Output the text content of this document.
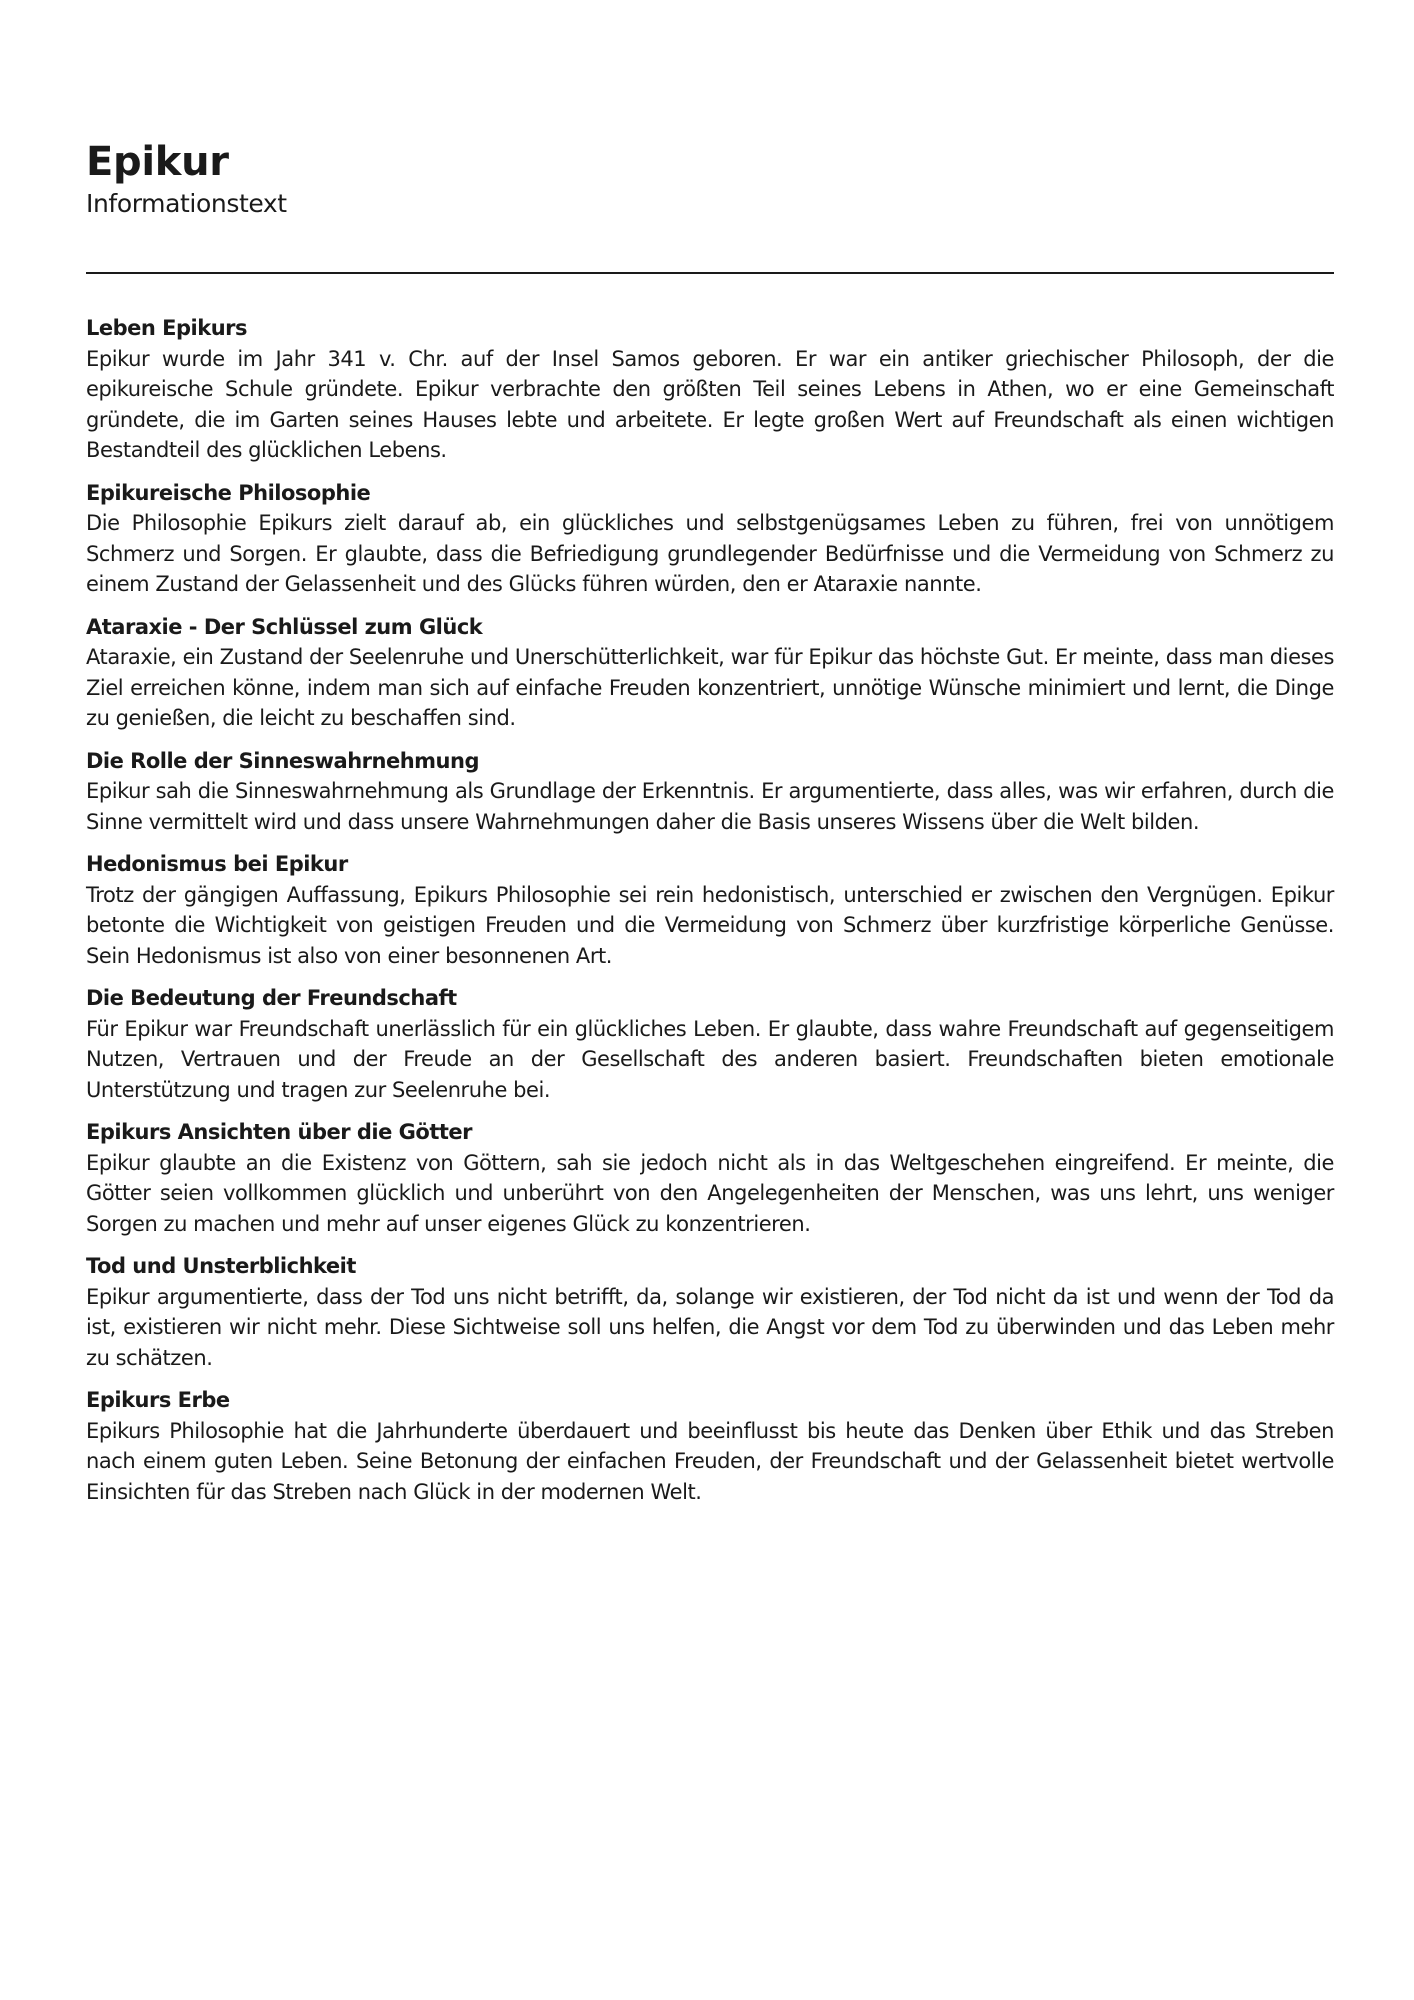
Epikur
Informationstext

Leben Epikurs

Epikur wurde im Jahr 341 v. Chr. auf der Insel Samos geboren. Er war ein antiker griechischer Philosoph, der die epikureische Schule gründete. Epikur verbrachte den größten Teil seines Lebens in Athen, wo er eine Gemeinschaft gründete, die im Garten seines Hauses lebte und arbeitete. Er legte großen Wert auf Freundschaft als einen wichtigen Bestandteil des glücklichen Lebens.

Epikureische Philosophie

Die Philosophie Epikurs zielt darauf ab, ein glückliches und selbstgenügsames Leben zu führen, frei von unnötigem Schmerz und Sorgen. Er glaubte, dass die Befriedigung grundlegender Bedürfnisse und die Vermeidung von Schmerz zu einem Zustand der Gelassenheit und des Glücks führen würden, den er Ataraxie nannte.

Ataraxie - Der Schlüssel zum Glück

Ataraxie, ein Zustand der Seelenruhe und Unerschütterlichkeit, war für Epikur das höchste Gut. Er meinte, dass man dieses Ziel erreichen könne, indem man sich auf einfache Freuden konzentriert, unnötige Wünsche minimiert und lernt, die Dinge zu genießen, die leicht zu beschaffen sind.

Die Rolle der Sinneswahrnehmung

Epikur sah die Sinneswahrnehmung als Grundlage der Erkenntnis. Er argumentierte, dass alles, was wir erfahren, durch die Sinne vermittelt wird und dass unsere Wahrnehmungen daher die Basis unseres Wissens über die Welt bilden.

Hedonismus bei Epikur

Trotz der gängigen Auffassung, Epikurs Philosophie sei rein hedonistisch, unterschied er zwischen den Vergnügen. Epikur betonte die Wichtigkeit von geistigen Freuden und die Vermeidung von Schmerz über kurzfristige körperliche Genüsse. Sein Hedonismus ist also von einer besonnenen Art.

Die Bedeutung der Freundschaft

Für Epikur war Freundschaft unerlässlich für ein glückliches Leben. Er glaubte, dass wahre Freundschaft auf gegenseitigem Nutzen, Vertrauen und der Freude an der Gesellschaft des anderen basiert. Freundschaften bieten emotionale Unterstützung und tragen zur Seelenruhe bei.

Epikurs Ansichten über die Götter

Epikur glaubte an die Existenz von Göttern, sah sie jedoch nicht als in das Weltgeschehen eingreifend. Er meinte, die Götter seien vollkommen glücklich und unberührt von den Angelegenheiten der Menschen, was uns lehrt, uns weniger Sorgen zu machen und mehr auf unser eigenes Glück zu konzentrieren.

Tod und Unsterblichkeit

Epikur argumentierte, dass der Tod uns nicht betrifft, da, solange wir existieren, der Tod nicht da ist und wenn der Tod da ist, existieren wir nicht mehr. Diese Sichtweise soll uns helfen, die Angst vor dem Tod zu überwinden und das Leben mehr zu schätzen.

Epikurs Erbe

Epikurs Philosophie hat die Jahrhunderte überdauert und beeinflusst bis heute das Denken über Ethik und das Streben nach einem guten Leben. Seine Betonung der einfachen Freuden, der Freundschaft und der Gelassenheit bietet wertvolle Einsichten für das Streben nach Glück in der modernen Welt.
